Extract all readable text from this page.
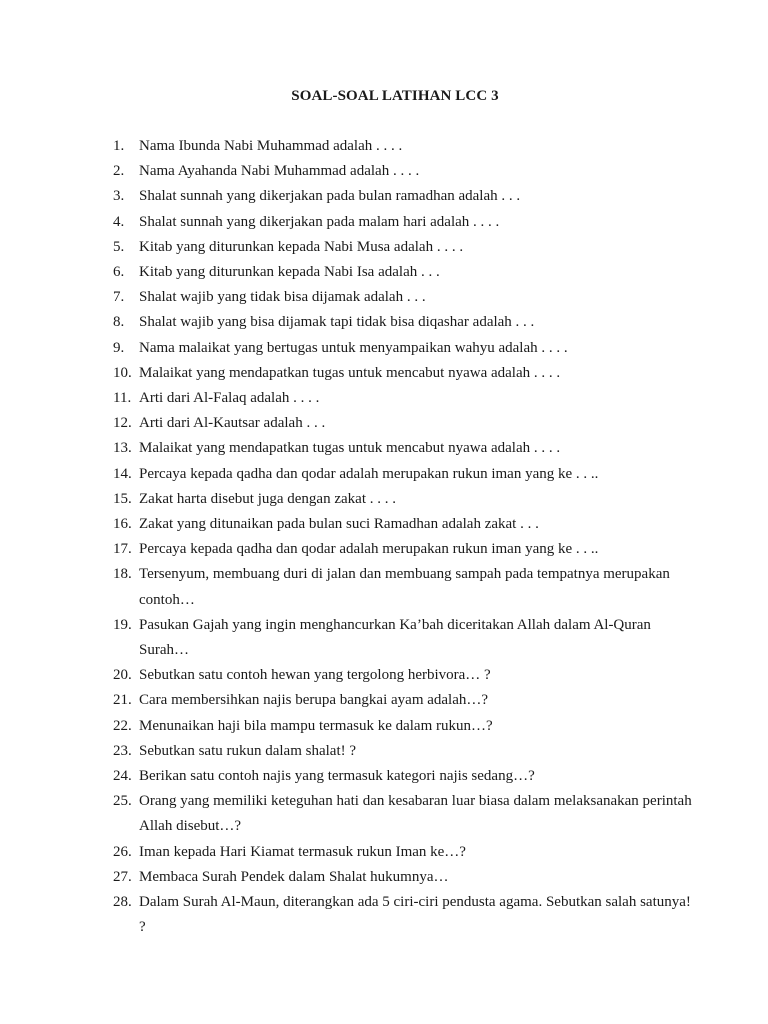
SOAL-SOAL LATIHAN LCC 3
1. Nama Ibunda Nabi Muhammad adalah . . . .
2. Nama Ayahanda Nabi Muhammad adalah . . . .
3. Shalat sunnah yang dikerjakan pada bulan ramadhan adalah . . .
4. Shalat sunnah yang dikerjakan pada malam hari adalah . . . .
5. Kitab yang diturunkan kepada Nabi Musa adalah . . . .
6. Kitab yang diturunkan kepada Nabi Isa adalah . . .
7. Shalat wajib yang tidak bisa dijamak adalah . . .
8. Shalat wajib yang bisa dijamak tapi tidak bisa diqashar adalah . . .
9. Nama malaikat yang bertugas untuk menyampaikan wahyu adalah . . . .
10. Malaikat yang mendapatkan tugas untuk mencabut nyawa adalah . . . .
11. Arti dari Al-Falaq adalah . . . .
12. Arti dari Al-Kautsar adalah . . .
13. Malaikat yang mendapatkan tugas untuk mencabut nyawa adalah . . . .
14. Percaya kepada qadha dan qodar adalah merupakan rukun iman yang ke . . ..
15. Zakat harta disebut juga dengan zakat . . . .
16. Zakat yang ditunaikan pada bulan suci Ramadhan adalah zakat . . .
17. Percaya kepada qadha dan qodar adalah merupakan rukun iman yang ke . . ..
18. Tersenyum, membuang duri di jalan dan membuang sampah pada tempatnya merupakan contoh…
19. Pasukan Gajah yang ingin menghancurkan Ka’bah diceritakan Allah dalam Al-Quran Surah…
20. Sebutkan satu contoh hewan yang tergolong herbivora… ?
21. Cara membersihkan najis berupa bangkai ayam adalah…?
22. Menunaikan haji bila mampu termasuk ke dalam rukun…?
23. Sebutkan satu rukun dalam shalat! ?
24. Berikan satu contoh najis yang termasuk kategori najis sedang…?
25. Orang yang memiliki keteguhan hati dan kesabaran luar biasa dalam melaksanakan perintah Allah disebut…?
26. Iman kepada Hari Kiamat termasuk rukun Iman ke…?
27. Membaca Surah Pendek dalam Shalat hukumnya…
28. Dalam Surah Al-Maun, diterangkan ada 5 ciri-ciri pendusta agama. Sebutkan salah satunya! ?
